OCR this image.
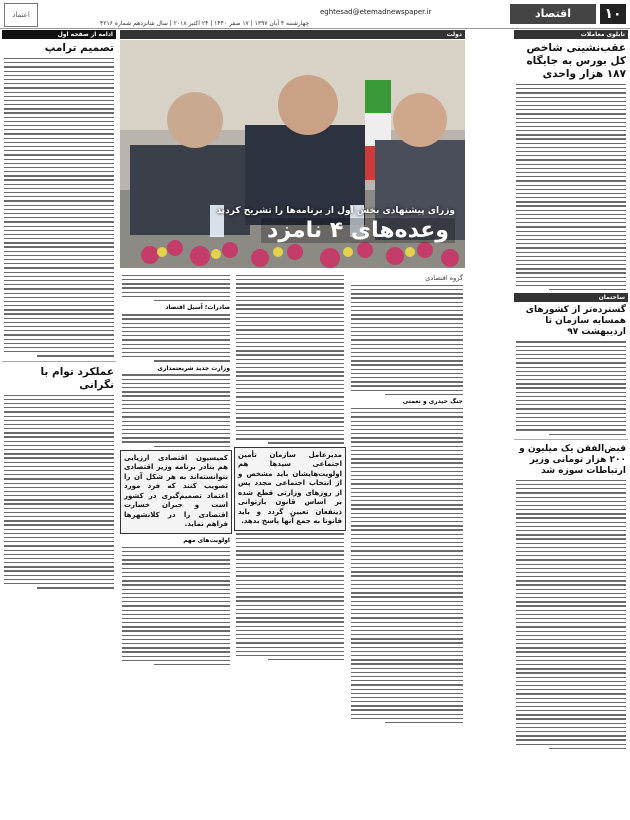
۱۰
اقتصاد
eghtesad@etemadnewspaper.ir
چهارشنبه ۴ آبان ۱۳۹۷ | ۱۷ صفر ۱۴۴۰ | ۲۴ اکتبر ۲۰۱۸ | سال شانزدهم شماره ۴۲۱۶
اعتماد
تابلوی معاملات
عقب‌نشینی شاخص کل بورس به جایگاه ۱۸۷ هزار واحدی
ساختمان
گسترده‌تر از کشورهای همسایه سازمان تا اردیبهشت ۹۷
قبض‌الفقن یک میلیون و ۲۰۰ هزار تومانی وزیر ارتباطات سوزه شد
دولت
وزرای پیشنهادی بخش اول از برنامه‌ها را تشریح کردند
وعده‌های ۴ نامزد
گروه اقتصادی
جنگ حیدری و نعمتی
مدیرعامل سازمان تأمین اجتماعی سیدها هم اولویت‌هایشان باید مشخص و از انتخاب اجتماعی مجدد پس از روزهای وزارتی قطع شده بر اساس قانون بازتوانی ذینفعان تعیین گردد و باید قانونا به جمع آنها پاسخ بدهد.
صادرات؛ آسیل اقتصاد
وزارت جدید شریعتمداری
کمیسیون اقتصادی ارزیابی هم بنادر برنامه وزیر اقتصادی نتوانسته‌اند به هر شکل آن را تصویب کنند که فرد مورد اعتماد تصمیم‌گیری در کشور است و جبران خسارت اقتصادی را در کلانشهرها فراهم نماید.
اولویت‌های مهم
ادامه از صفحه اول
تصمیم ترامپ
عملکرد توام با نگرانی
